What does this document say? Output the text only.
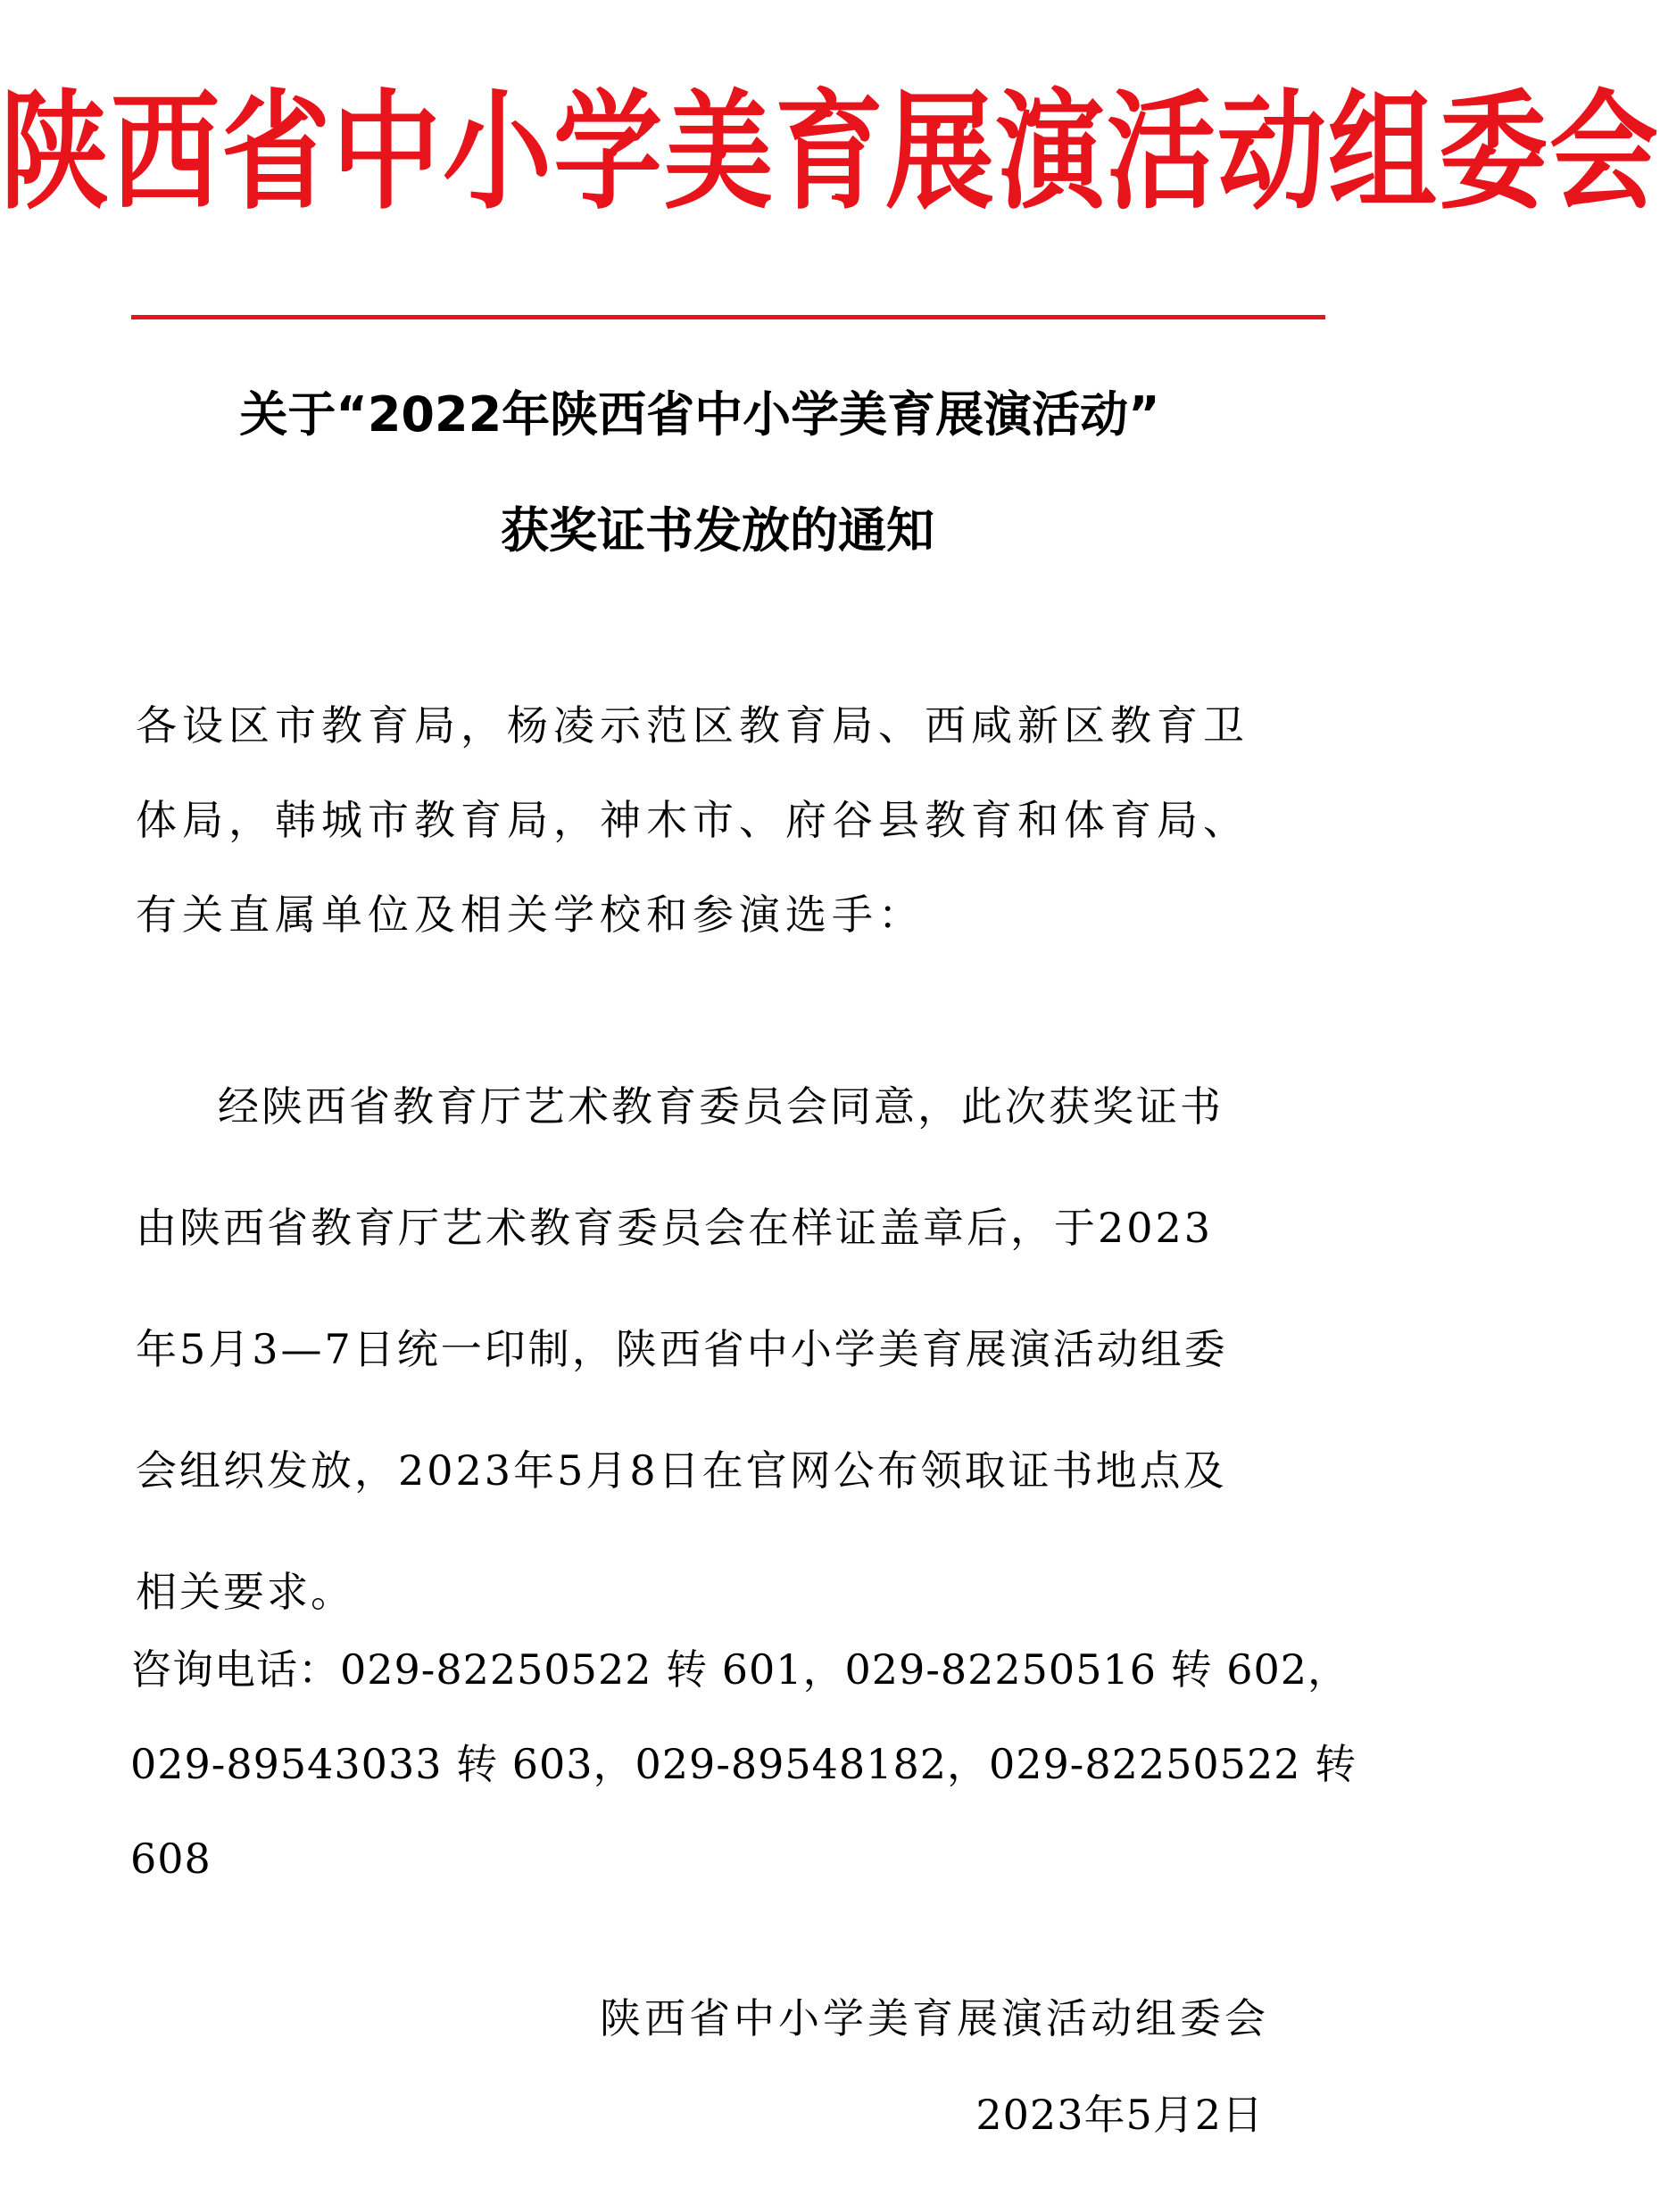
陕西省中小学美育展演活动组委会
关于“2022年陕西省中小学美育展演活动”
获奖证书发放的通知

各设区市教育局，杨凌示范区教育局、西咸新区教育卫

体局，韩城市教育局，神木市、府谷县教育和体育局、

有关直属单位及相关学校和参演选手：

经陕西省教育厅艺术教育委员会同意，此次获奖证书

由陕西省教育厅艺术教育委员会在样证盖章后，于2023

年5月3—7日统一印制，陕西省中小学美育展演活动组委

会组织发放，2023年5月8日在官网公布领取证书地点及

相关要求。

咨询电话：029-82250522 转 601，029-82250516 转 602，

029-89543033 转 603，029-89548182，029-82250522 转

608

陕西省中小学美育展演活动组委会
2023年5月2日
